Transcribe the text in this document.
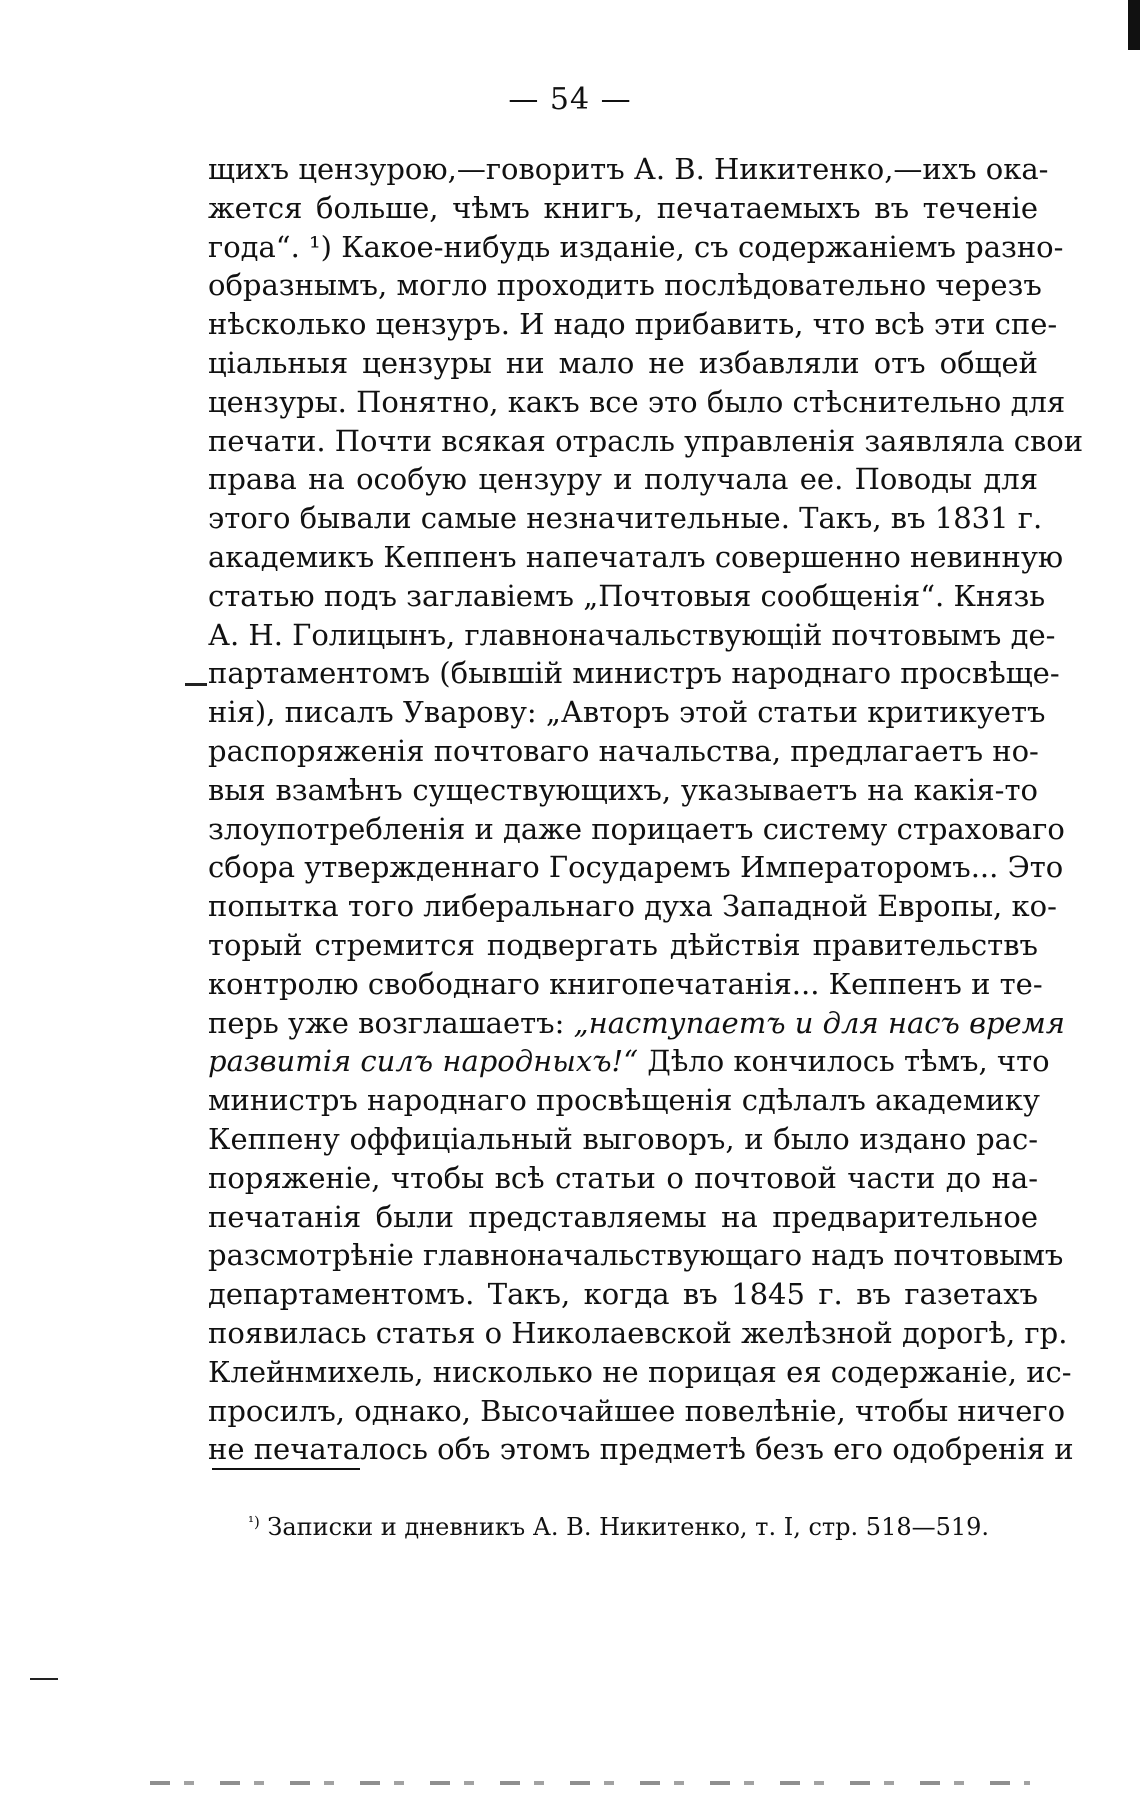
— 54 —
щихъ цензурою,—говоритъ А. В. Никитенко,—ихъ ока-
жется больше, чѣмъ книгъ, печатаемыхъ въ теченіе
года“. ¹) Какое-нибудь изданіе, съ содержаніемъ разно-
образнымъ, могло проходить послѣдовательно черезъ
нѣсколько цензуръ. И надо прибавить, что всѣ эти спе-
ціальныя цензуры ни мало не избавляли отъ общей
цензуры. Понятно, какъ все это было стѣснительно для
печати. Почти всякая отрасль управленія заявляла свои
права на особую цензуру и получала ее. Поводы для
этого бывали самые незначительные. Такъ, въ 1831 г.
академикъ Кеппенъ напечаталъ совершенно невинную
статью подъ заглавіемъ „Почтовыя сообщенія“. Князь
А. Н. Голицынъ, главноначальствующій почтовымъ де-
партаментомъ (бывшій министръ народнаго просвѣще-
нія), писалъ Уварову: „Авторъ этой статьи критикуетъ
распоряженія почтоваго начальства, предлагаетъ но-
выя взамѣнъ существующихъ, указываетъ на какія-то
злоупотребленія и даже порицаетъ систему страховаго
сбора утвержденнаго Государемъ Императоромъ... Это
попытка того либеральнаго духа Западной Европы, ко-
торый стремится подвергать дѣйствія правительствъ
контролю свободнаго книгопечатанія... Кеппенъ и те-
перь уже возглашаетъ: „наступаетъ и для насъ время
развитія силъ народныхъ!“ Дѣло кончилось тѣмъ, что
министръ народнаго просвѣщенія сдѣлалъ академику
Кеппену оффиціальный выговоръ, и было издано рас-
поряженіе, чтобы всѣ статьи о почтовой части до на-
печатанія были представляемы на предварительное
разсмотрѣніе главноначальствующаго надъ почтовымъ
департаментомъ. Такъ, когда въ 1845 г. въ газетахъ
появилась статья о Николаевской желѣзной дорогѣ, гр.
Клейнмихель, нисколько не порицая ея содержаніе, ис-
просилъ, однако, Высочайшее повелѣніе, чтобы ничего
не печаталось объ этомъ предметѣ безъ его одобренія и
$^{^1)}$ Записки и дневникъ А. В. Никитенко, т. I, стр. 518—519.
